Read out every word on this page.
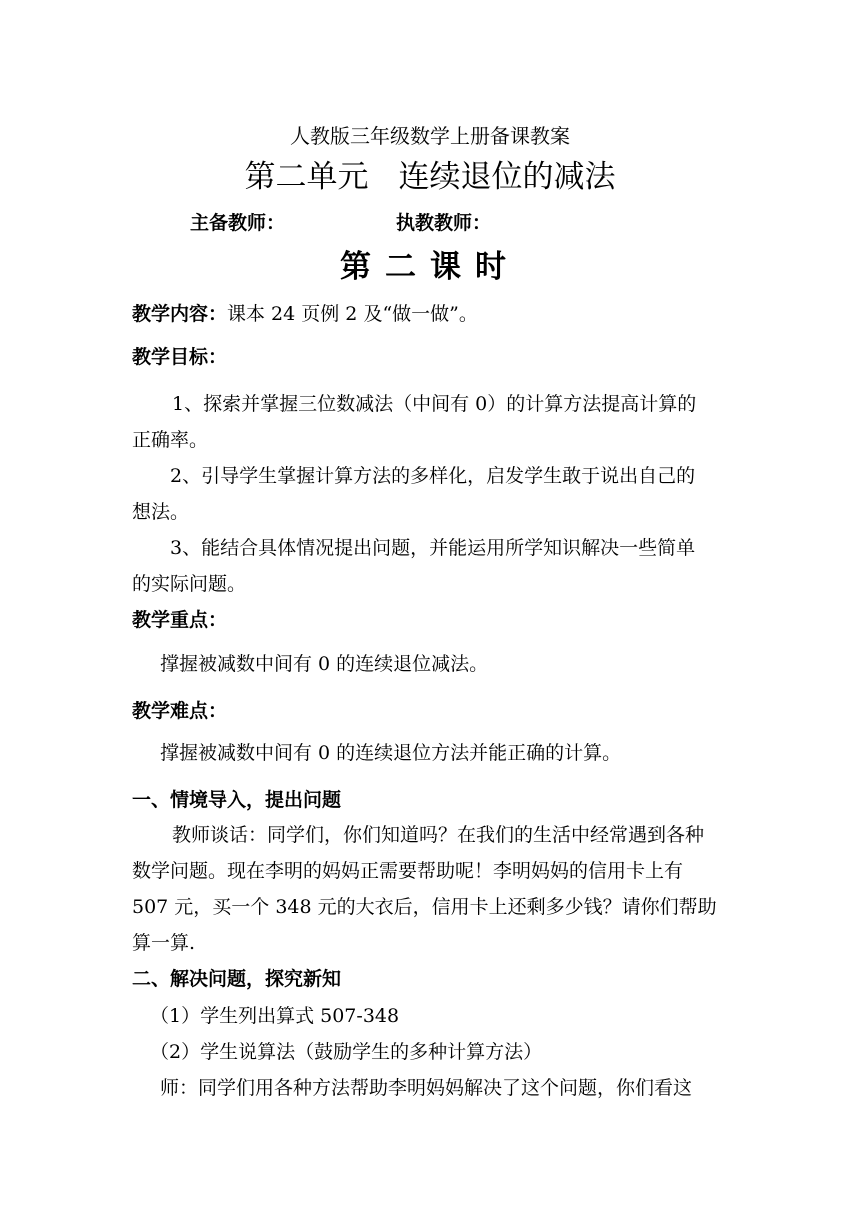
人教版三年级数学上册备课教案
第二单元 连续退位的减法
主备教师：	执教教师：
第二课时
教学内容：课本 24 页例 2 及“做一做”。
教学目标：
1、探索并掌握三位数减法（中间有 0）的计算方法提高计算的
正确率。
2、引导学生掌握计算方法的多样化，启发学生敢于说出自己的
想法。
3、能结合具体情况提出问题，并能运用所学知识解决一些简单
的实际问题。
教学重点：
撑握被减数中间有 0 的连续退位减法。
教学难点：
撑握被减数中间有 0 的连续退位方法并能正确的计算。
一、情境导入，提出问题
教师谈话：同学们，你们知道吗？在我们的生活中经常遇到各种
数学问题。现在李明的妈妈正需要帮助呢！李明妈妈的信用卡上有
507 元，买一个 348 元的大衣后，信用卡上还剩多少钱？请你们帮助
算一算.
二、解决问题，探究新知
（1）学生列出算式 507-348
（2）学生说算法（鼓励学生的多种计算方法）
师：同学们用各种方法帮助李明妈妈解决了这个问题，你们看这
